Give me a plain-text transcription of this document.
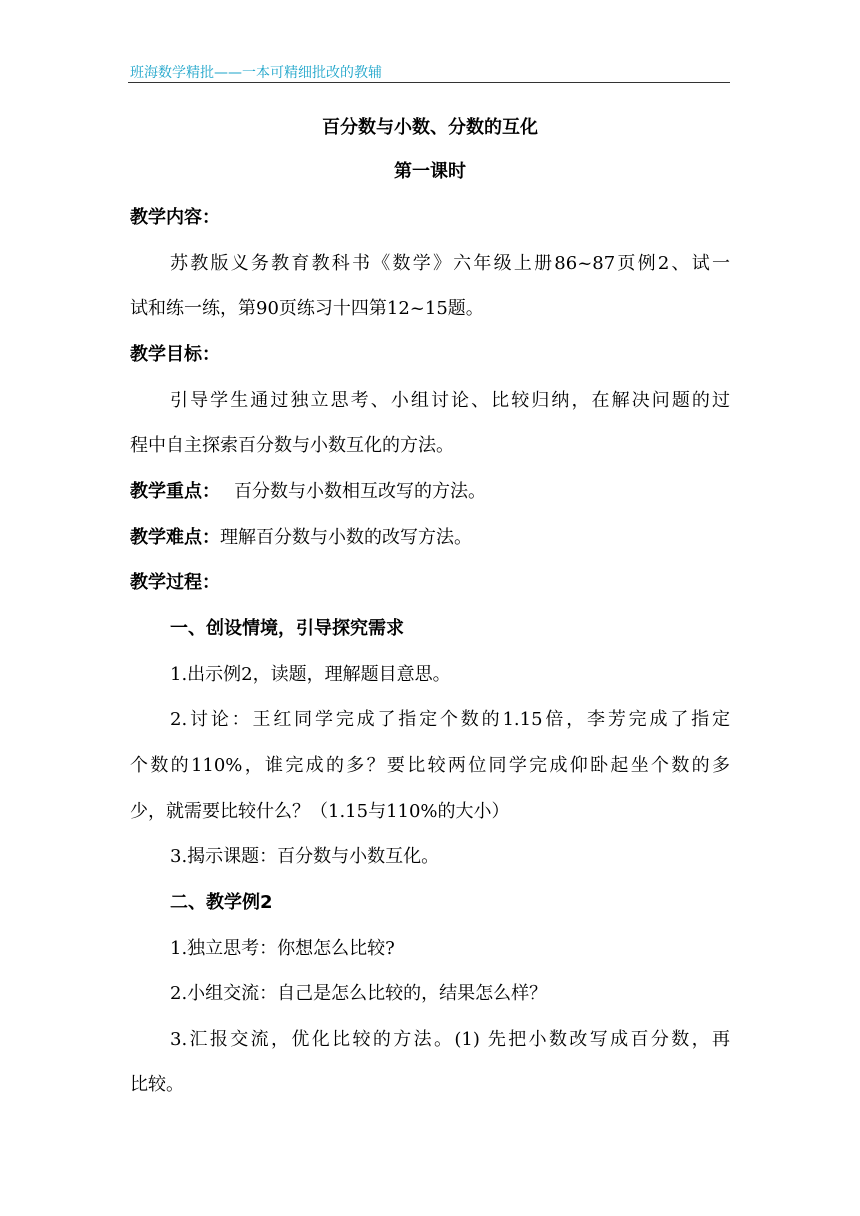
班海数学精批——一本可精细批改的教辅
百分数与小数、分数的互化
第一课时
教学内容：
苏教版义务教育教科书《数学》六年级上册86~87页例2、试一
试和练一练，第90页练习十四第12~15题。
教学目标：
引导学生通过独立思考、小组讨论、比较归纳，在解决问题的过
程中自主探索百分数与小数互化的方法。
教学重点： 百分数与小数相互改写的方法。
教学难点：理解百分数与小数的改写方法。
教学过程：
一、创设情境，引导探究需求
1.出示例2，读题，理解题目意思。
2.讨论：王红同学完成了指定个数的1.15倍，李芳完成了指定
个数的110%，谁完成的多？要比较两位同学完成仰卧起坐个数的多
少，就需要比较什么？（1.15与110%的大小）
3.揭示课题：百分数与小数互化。
二、教学例2
1.独立思考：你想怎么比较?
2.小组交流：自己是怎么比较的，结果怎么样？
3.汇报交流，优化比较的方法。(1) 先把小数改写成百分数，再
比较。
